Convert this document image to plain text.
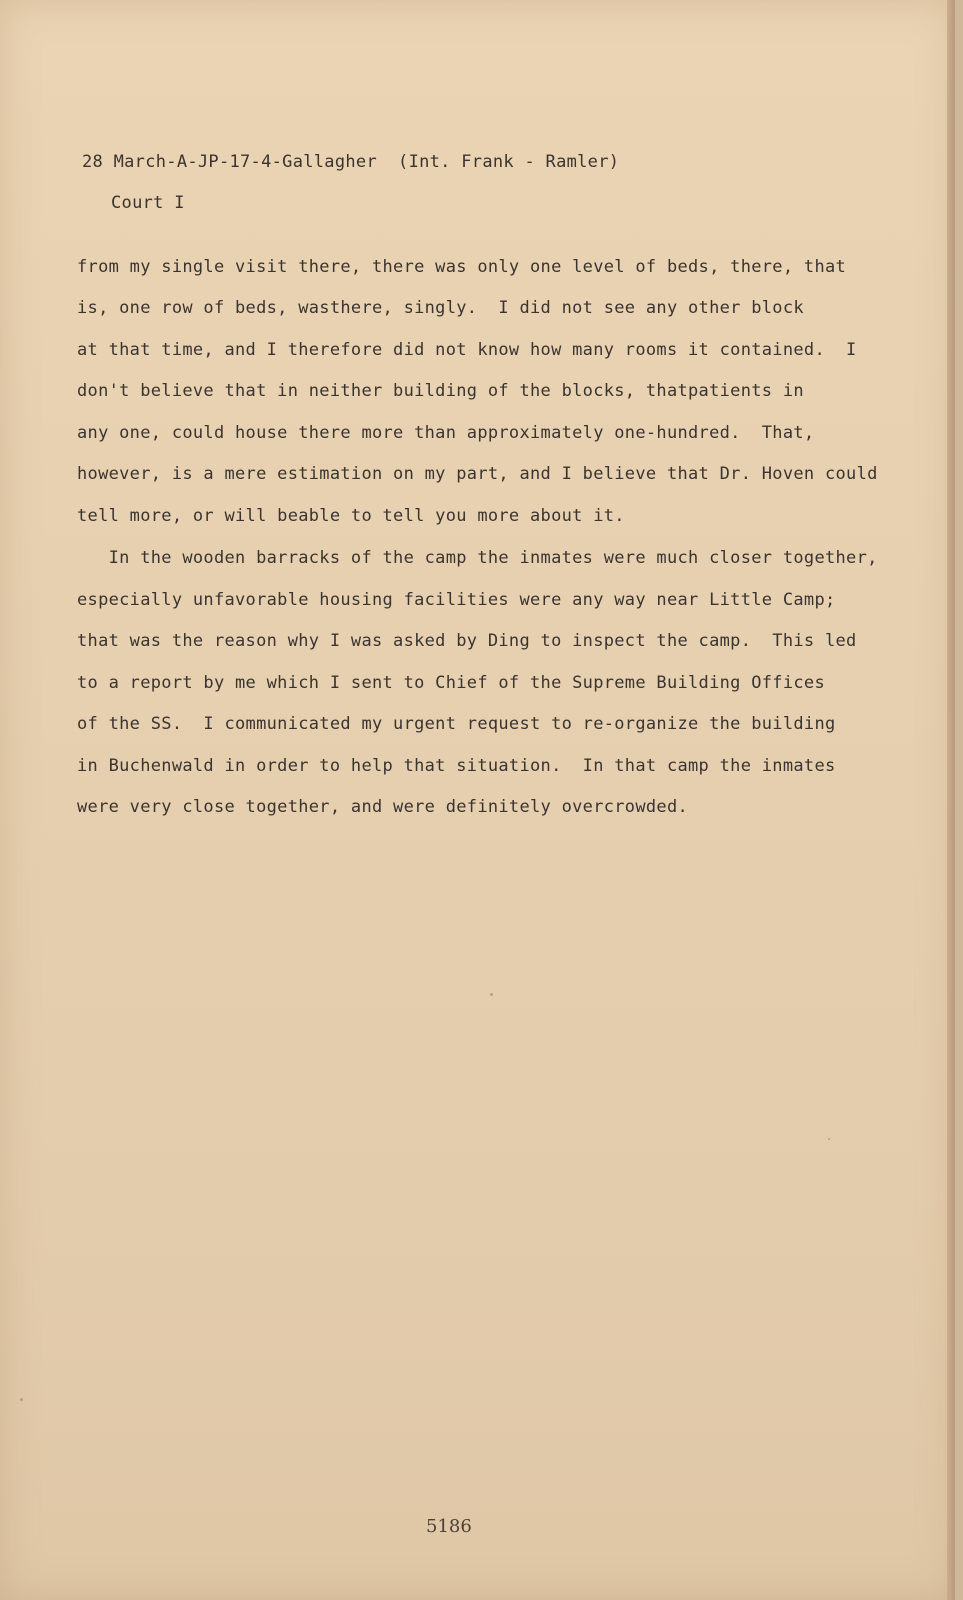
28 March-A-JP-17-4-Gallagher  (Int. Frank - Ramler)
Court I
from my single visit there, there was only one level of beds, there, that
is, one row of beds, wasthere, singly.  I did not see any other block
at that time, and I therefore did not know how many rooms it contained.  I
don't believe that in neither building of the blocks, thatpatients in
any one, could house there more than approximately one-hundred.  That,
however, is a mere estimation on my part, and I believe that Dr. Hoven could
tell more, or will beable to tell you more about it.
In the wooden barracks of the camp the inmates were much closer together,
especially unfavorable housing facilities were any way near Little Camp;
that was the reason why I was asked by Ding to inspect the camp.  This led
to a report by me which I sent to Chief of the Supreme Building Offices
of the SS.  I communicated my urgent request to re-organize the building
in Buchenwald in order to help that situation.  In that camp the inmates
were very close together, and were definitely overcrowded.
5186
